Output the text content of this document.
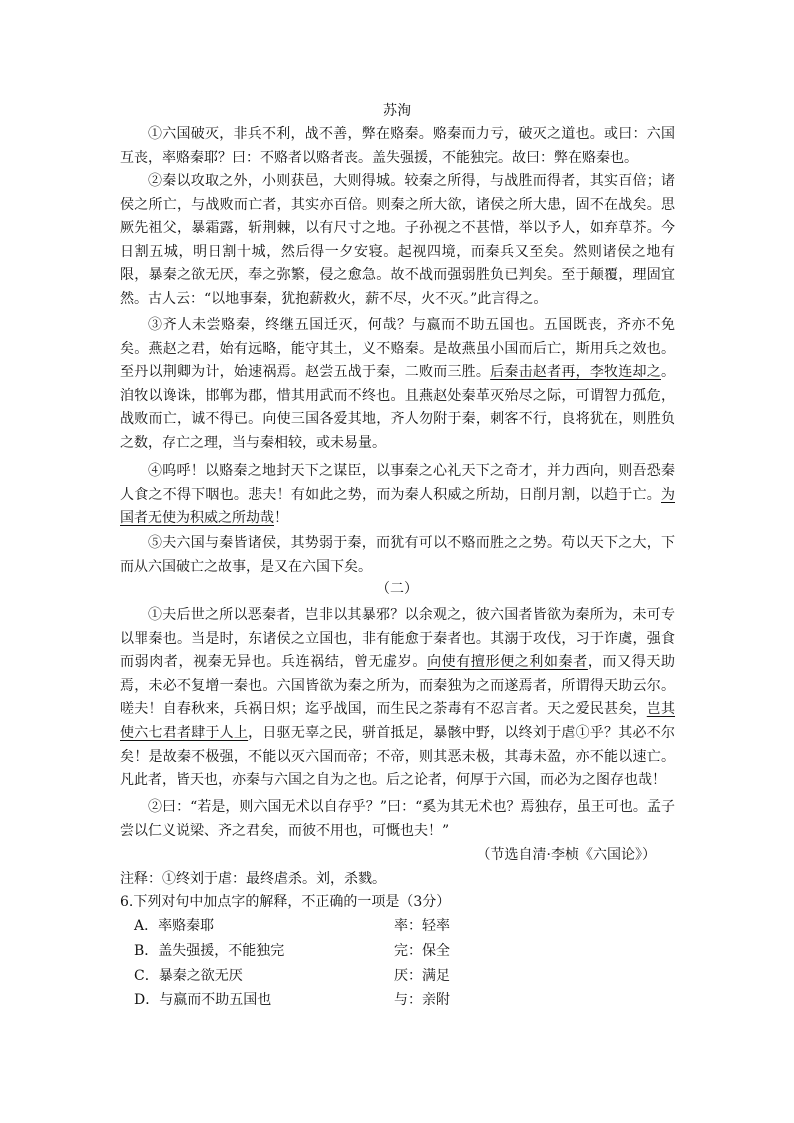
苏洵

①六国破灭，非兵不利，战不善，弊在赂秦。赂秦而力亏，破灭之道也。或曰：六国互丧，率赂秦耶？曰：不赂者以赂者丧。盖失强援，不能独完。故曰：弊在赂秦也。

②秦以攻取之外，小则获邑，大则得城。较秦之所得，与战胜而得者，其实百倍；诸侯之所亡，与战败而亡者，其实亦百倍。则秦之所大欲，诸侯之所大患，固不在战矣。思厥先祖父，暴霜露，斩荆棘，以有尺寸之地。子孙视之不甚惜，举以予人，如弃草芥。今日割五城，明日割十城，然后得一夕安寝。起视四境，而秦兵又至矣。然则诸侯之地有限，暴秦之欲无厌，奉之弥繁，侵之愈急。故不战而强弱胜负已判矣。至于颠覆，理固宜然。古人云：“以地事秦，犹抱薪救火，薪不尽，火不灭。”此言得之。

③齐人未尝赂秦，终继五国迁灭，何哉？与嬴而不助五国也。五国既丧，齐亦不免矣。燕赵之君，始有远略，能守其土，义不赂秦。是故燕虽小国而后亡，斯用兵之效也。至丹以荆卿为计，始速祸焉。赵尝五战于秦，二败而三胜。后秦击赵者再，李牧连却之。洎牧以谗诛，邯郸为郡，惜其用武而不终也。且燕赵处秦革灭殆尽之际，可谓智力孤危，战败而亡，诚不得已。向使三国各爱其地，齐人勿附于秦，刺客不行，良将犹在，则胜负之数，存亡之理，当与秦相较，或未易量。

④呜呼！以赂秦之地封天下之谋臣，以事秦之心礼天下之奇才，并力西向，则吾恐秦人食之不得下咽也。悲夫！有如此之势，而为秦人积威之所劫，日削月割，以趋于亡。为国者无使为积威之所劫哉！

⑤夫六国与秦皆诸侯，其势弱于秦，而犹有可以不赂而胜之之势。苟以天下之大，下而从六国破亡之故事，是又在六国下矣。

（二）

①夫后世之所以恶秦者，岂非以其暴邪？以余观之，彼六国者皆欲为秦所为，未可专以罪秦也。当是时，东诸侯之立国也，非有能愈于秦者也。其溺于攻伐，习于诈虞，强食而弱肉者，视秦无异也。兵连祸结，曾无虚岁。向使有擅形便之利如秦者，而又得天助焉，未必不复增一秦也。六国皆欲为秦之所为，而秦独为之而遂焉者，所谓得天助云尔。嗟夫！自春秋来，兵祸日炽；迄乎战国，而生民之荼毒有不忍言者。天之爱民甚矣，岂其使六七君者肆于人上，日驱无辜之民，骈首抵足，暴骸中野，以终刘于虐①乎？其必不尔矣！是故秦不极强，不能以灭六国而帝；不帝，则其恶未极，其毒未盈，亦不能以速亡。凡此者，皆天也，亦秦与六国之自为之也。后之论者，何厚于六国，而必为之图存也哉！

②曰：“若是，则六国无术以自存乎？”曰：“奚为其无术也？焉独存，虽王可也。孟子尝以仁义说梁、齐之君矣，而彼不用也，可慨也夫！”

（节选自清·李桢《六国论》）
注释：①终刘于虐：最终虐杀。刘，杀戮。
6.下列对句中加点字的解释，不正确的一项是（3分）
A．率赂秦耶	率：轻率
B．盖失强援，不能独完	完：保全
C．暴秦之欲无厌	厌：满足
D．与嬴而不助五国也	与：亲附
